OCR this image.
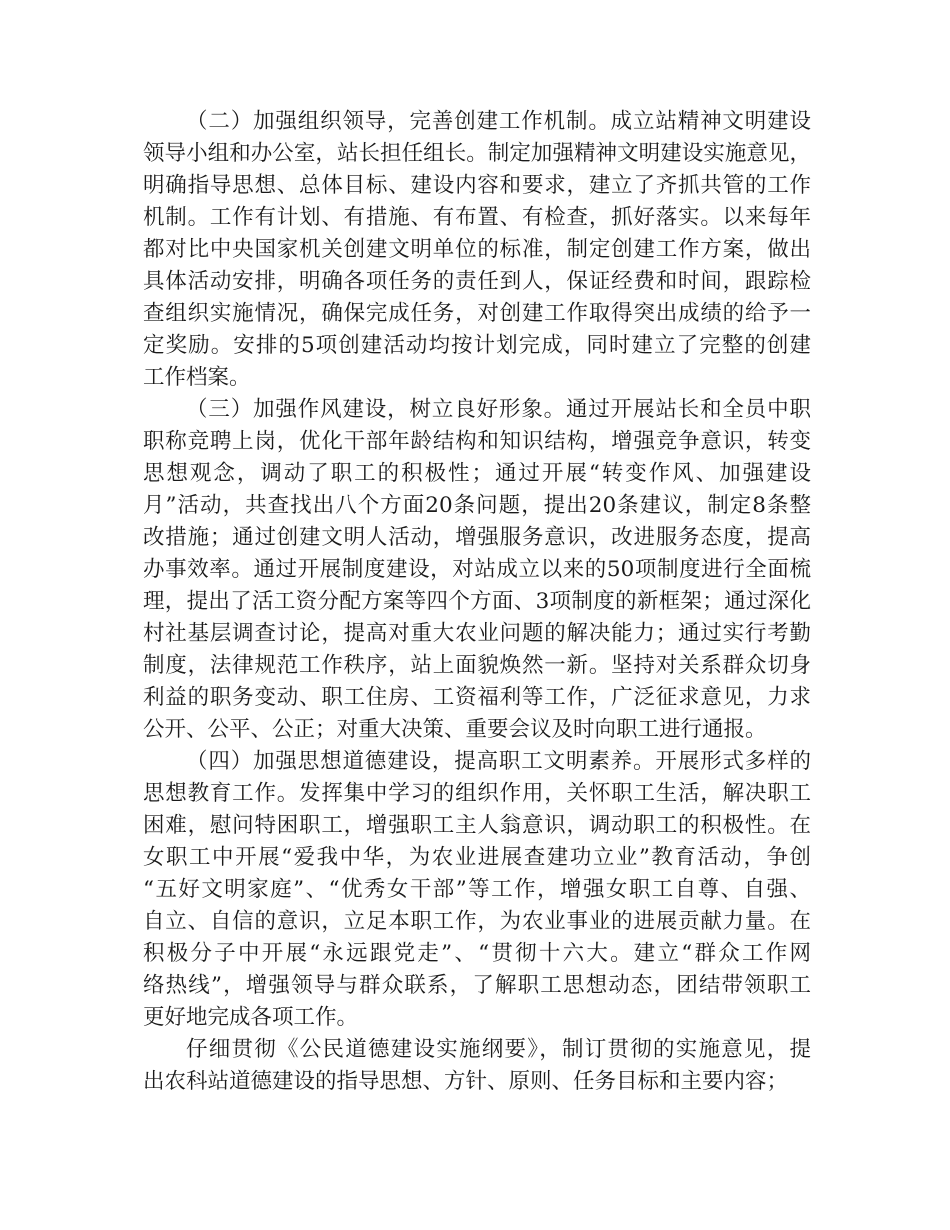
（二）加强组织领导，完善创建工作机制。成立站精神文明建设
领导小组和办公室，站长担任组长。制定加强精神文明建设实施意见，
明确指导思想、总体目标、建设内容和要求，建立了齐抓共管的工作
机制。工作有计划、有措施、有布置、有检查，抓好落实。以来每年
都对比中央国家机关创建文明单位的标准，制定创建工作方案，做出
具体活动安排，明确各项任务的责任到人，保证经费和时间，跟踪检
查组织实施情况，确保完成任务，对创建工作取得突出成绩的给予一
定奖励。安排的5项创建活动均按计划完成，同时建立了完整的创建
工作档案。
（三）加强作风建设，树立良好形象。通过开展站长和全员中职
职称竞聘上岗，优化干部年龄结构和知识结构，增强竞争意识，转变
思想观念，调动了职工的积极性；通过开展“转变作风、加强建设
月”活动，共查找出八个方面20条问题，提出20条建议，制定8条整
改措施；通过创建文明人活动，增强服务意识，改进服务态度，提高
办事效率。通过开展制度建设，对站成立以来的50项制度进行全面梳
理，提出了活工资分配方案等四个方面、3项制度的新框架；通过深化
村社基层调查讨论，提高对重大农业问题的解决能力；通过实行考勤
制度，法律规范工作秩序，站上面貌焕然一新。坚持对关系群众切身
利益的职务变动、职工住房、工资福利等工作，广泛征求意见，力求
公开、公平、公正；对重大决策、重要会议及时向职工进行通报。
（四）加强思想道德建设，提高职工文明素养。开展形式多样的
思想教育工作。发挥集中学习的组织作用，关怀职工生活，解决职工
困难，慰问特困职工，增强职工主人翁意识，调动职工的积极性。在
女职工中开展“爱我中华，为农业进展查建功立业”教育活动，争创
“五好文明家庭”、“优秀女干部”等工作，增强女职工自尊、自强、
自立、自信的意识，立足本职工作，为农业事业的进展贡献力量。在
积极分子中开展“永远跟党走”、“贯彻十六大。建立“群众工作网
络热线”，增强领导与群众联系，了解职工思想动态，团结带领职工
更好地完成各项工作。
仔细贯彻《公民道德建设实施纲要》，制订贯彻的实施意见，提
出农科站道德建设的指导思想、方针、原则、任务目标和主要内容；
